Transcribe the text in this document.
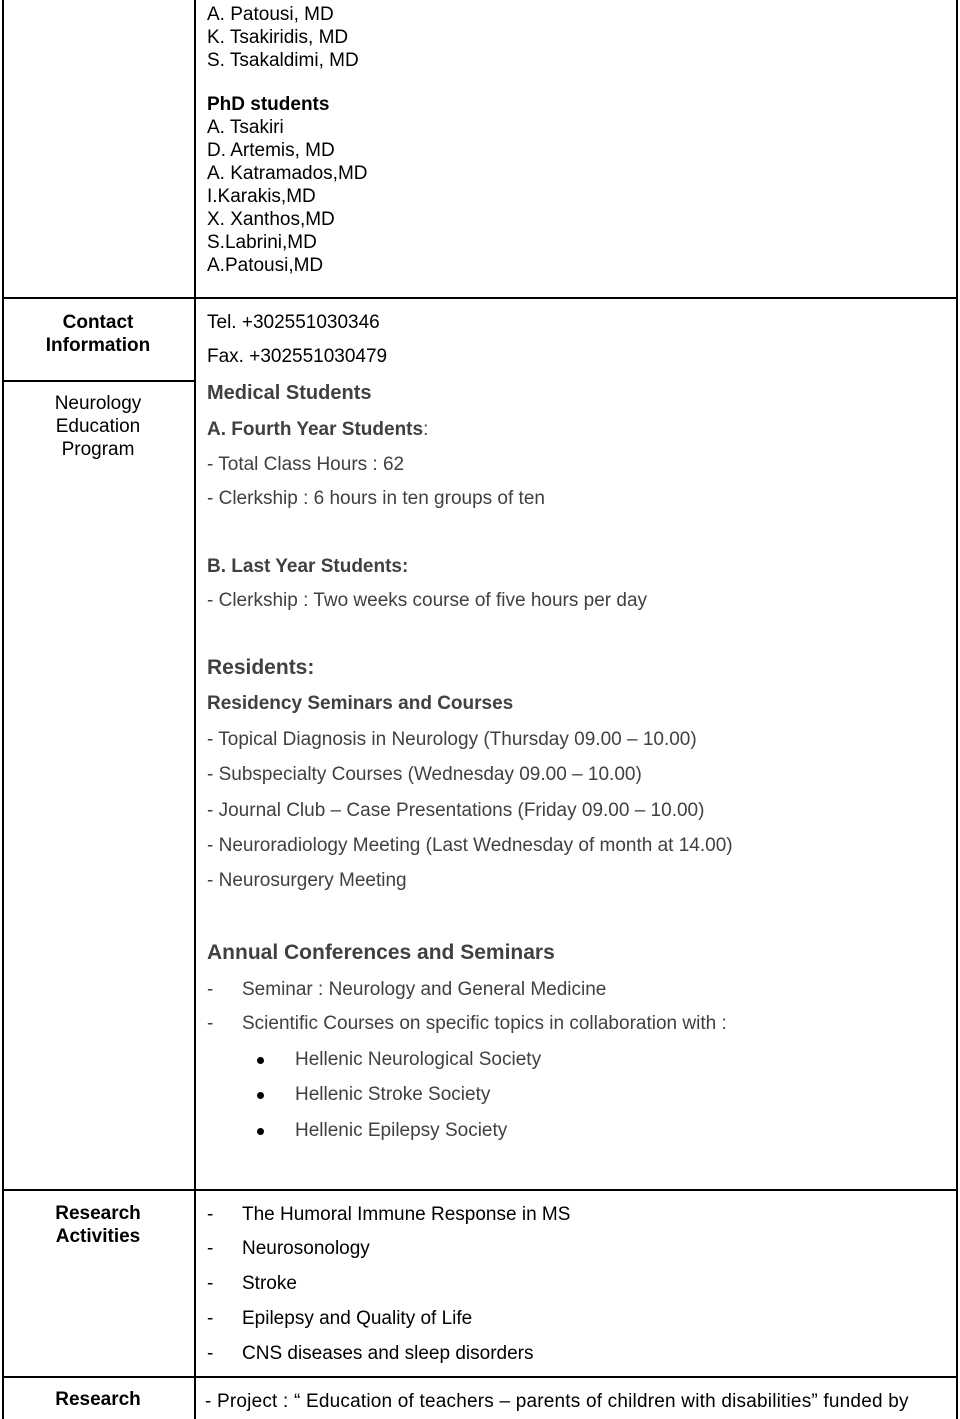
A. Patousi, MD
K. Tsakiridis, MD
S. Tsakaldimi, MD
PhD students
A. Tsakiri
D. Artemis, MD
A. Katramados,MD
I.Karakis,MD
X. Xanthos,MD
S.Labrini,MD
A.Patousi,MD
Contact
Information
Neurology
Education
Program
Research
Activities
Research
Tel. +302551030346
Fax. +302551030479
Medical Students
A. Fourth Year Students:
- Total Class Hours : 62
- Clerkship : 6 hours in ten groups of ten
B. Last Year Students:
- Clerkship : Two weeks course of five hours per day
Residents:
Residency Seminars and Courses
- Topical Diagnosis in Neurology (Thursday 09.00 – 10.00)
- Subspecialty Courses (Wednesday 09.00 – 10.00)
- Journal Club – Case Presentations (Friday 09.00 – 10.00)
- Neuroradiology Meeting (Last Wednesday of month at 14.00)
- Neurosurgery Meeting
Annual Conferences and Seminars
- Seminar : Neurology and General Medicine
- Scientific Courses on specific topics in collaboration with :
Hellenic Neurological Society
Hellenic Stroke Society
Hellenic Epilepsy Society
- The Humoral Immune Response in MS
- Neurosonology
- Stroke
- Epilepsy and Quality of Life
- CNS diseases and sleep disorders
- Project : “ Education of teachers – parents of children with disabilities” funded by
